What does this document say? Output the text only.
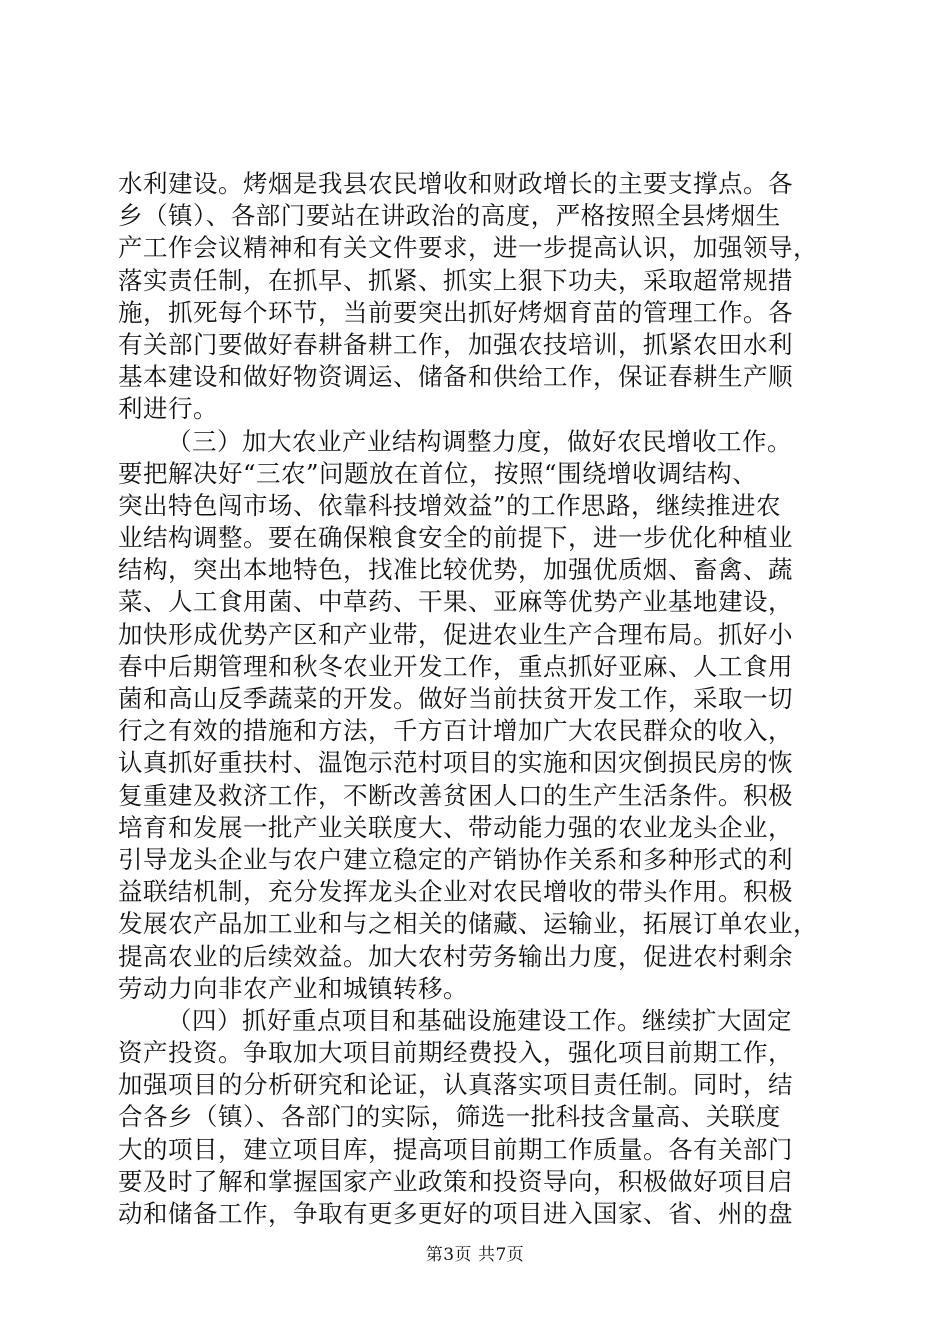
水利建设。烤烟是我县农民增收和财政增长的主要支撑点。各
乡（镇）、各部门要站在讲政治的高度，严格按照全县烤烟生
产工作会议精神和有关文件要求，进一步提高认识，加强领导，
落实责任制，在抓早、抓紧、抓实上狠下功夫，采取超常规措
施，抓死每个环节，当前要突出抓好烤烟育苗的管理工作。各
有关部门要做好春耕备耕工作，加强农技培训，抓紧农田水利
基本建设和做好物资调运、储备和供给工作，保证春耕生产顺
利进行。
（三）加大农业产业结构调整力度，做好农民增收工作。
要把解决好“三农”问题放在首位，按照“围绕增收调结构、
突出特色闯市场、依靠科技增效益”的工作思路，继续推进农
业结构调整。要在确保粮食安全的前提下，进一步优化种植业
结构，突出本地特色，找准比较优势，加强优质烟、畜禽、蔬
菜、人工食用菌、中草药、干果、亚麻等优势产业基地建设，
加快形成优势产区和产业带，促进农业生产合理布局。抓好小
春中后期管理和秋冬农业开发工作，重点抓好亚麻、人工食用
菌和高山反季蔬菜的开发。做好当前扶贫开发工作，采取一切
行之有效的措施和方法，千方百计增加广大农民群众的收入，
认真抓好重扶村、温饱示范村项目的实施和因灾倒损民房的恢
复重建及救济工作，不断改善贫困人口的生产生活条件。积极
培育和发展一批产业关联度大、带动能力强的农业龙头企业，
引导龙头企业与农户建立稳定的产销协作关系和多种形式的利
益联结机制，充分发挥龙头企业对农民增收的带头作用。积极
发展农产品加工业和与之相关的储藏、运输业，拓展订单农业，
提高农业的后续效益。加大农村劳务输出力度，促进农村剩余
劳动力向非农产业和城镇转移。
（四）抓好重点项目和基础设施建设工作。继续扩大固定
资产投资。争取加大项目前期经费投入，强化项目前期工作，
加强项目的分析研究和论证，认真落实项目责任制。同时，结
合各乡（镇）、各部门的实际，筛选一批科技含量高、关联度
大的项目，建立项目库，提高项目前期工作质量。各有关部门
要及时了解和掌握国家产业政策和投资导向，积极做好项目启
动和储备工作，争取有更多更好的项目进入国家、省、州的盘
第3页 共7页
